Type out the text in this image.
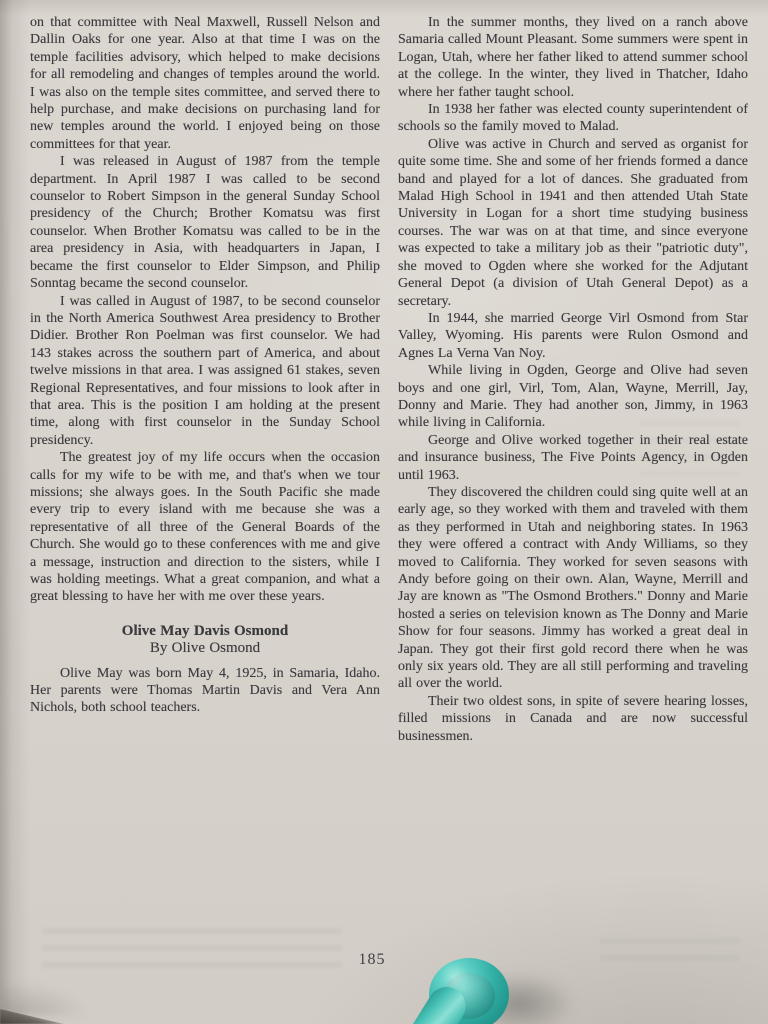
on that committee with Neal Maxwell, Russell Nelson and Dallin Oaks for one year. Also at that time I was on the temple facilities advisory, which helped to make decisions for all remodeling and changes of temples around the world. I was also on the temple sites committee, and served there to help purchase, and make decisions on purchasing land for new temples around the world. I enjoyed being on those committees for that year.

I was released in August of 1987 from the temple department. In April 1987 I was called to be second counselor to Robert Simpson in the general Sunday School presidency of the Church; Brother Komatsu was first counselor. When Brother Komatsu was called to be in the area presidency in Asia, with headquarters in Japan, I became the first counselor to Elder Simpson, and Philip Sonntag became the second counselor.

I was called in August of 1987, to be second counselor in the North America Southwest Area presidency to Brother Didier. Brother Ron Poelman was first counselor. We had 143 stakes across the southern part of America, and about twelve missions in that area. I was assigned 61 stakes, seven Regional Representatives, and four missions to look after in that area. This is the position I am holding at the present time, along with first counselor in the Sunday School presidency.

The greatest joy of my life occurs when the occasion calls for my wife to be with me, and that's when we tour missions; she always goes. In the South Pacific she made every trip to every island with me because she was a representative of all three of the General Boards of the Church. She would go to these conferences with me and give a message, instruction and direction to the sisters, while I was holding meetings. What a great companion, and what a great blessing to have her with me over these years.

Olive May Davis Osmond
By Olive Osmond

Olive May was born May 4, 1925, in Samaria, Idaho. Her parents were Thomas Martin Davis and Vera Ann Nichols, both school teachers.

In the summer months, they lived on a ranch above Samaria called Mount Pleasant. Some summers were spent in Logan, Utah, where her father liked to attend summer school at the college. In the winter, they lived in Thatcher, Idaho where her father taught school.

In 1938 her father was elected county superintendent of schools so the family moved to Malad.

Olive was active in Church and served as organist for quite some time. She and some of her friends formed a dance band and played for a lot of dances. She graduated from Malad High School in 1941 and then attended Utah State University in Logan for a short time studying business courses. The war was on at that time, and since everyone was expected to take a military job as their "patriotic duty", she moved to Ogden where she worked for the Adjutant General Depot (a division of Utah General Depot) as a secretary.

In 1944, she married George Virl Osmond from Star Valley, Wyoming. His parents were Rulon Osmond and Agnes La Verna Van Noy.

While living in Ogden, George and Olive had seven boys and one girl, Virl, Tom, Alan, Wayne, Merrill, Jay, Donny and Marie. They had another son, Jimmy, in 1963 while living in California.

George and Olive worked together in their real estate and insurance business, The Five Points Agency, in Ogden until 1963.

They discovered the children could sing quite well at an early age, so they worked with them and traveled with them as they performed in Utah and neighboring states. In 1963 they were offered a contract with Andy Williams, so they moved to California. They worked for seven seasons with Andy before going on their own. Alan, Wayne, Merrill and Jay are known as "The Osmond Brothers." Donny and Marie hosted a series on television known as The Donny and Marie Show for four seasons. Jimmy has worked a great deal in Japan. They got their first gold record there when he was only six years old. They are all still performing and traveling all over the world.

Their two oldest sons, in spite of severe hearing losses, filled missions in Canada and are now successful businessmen.

185
